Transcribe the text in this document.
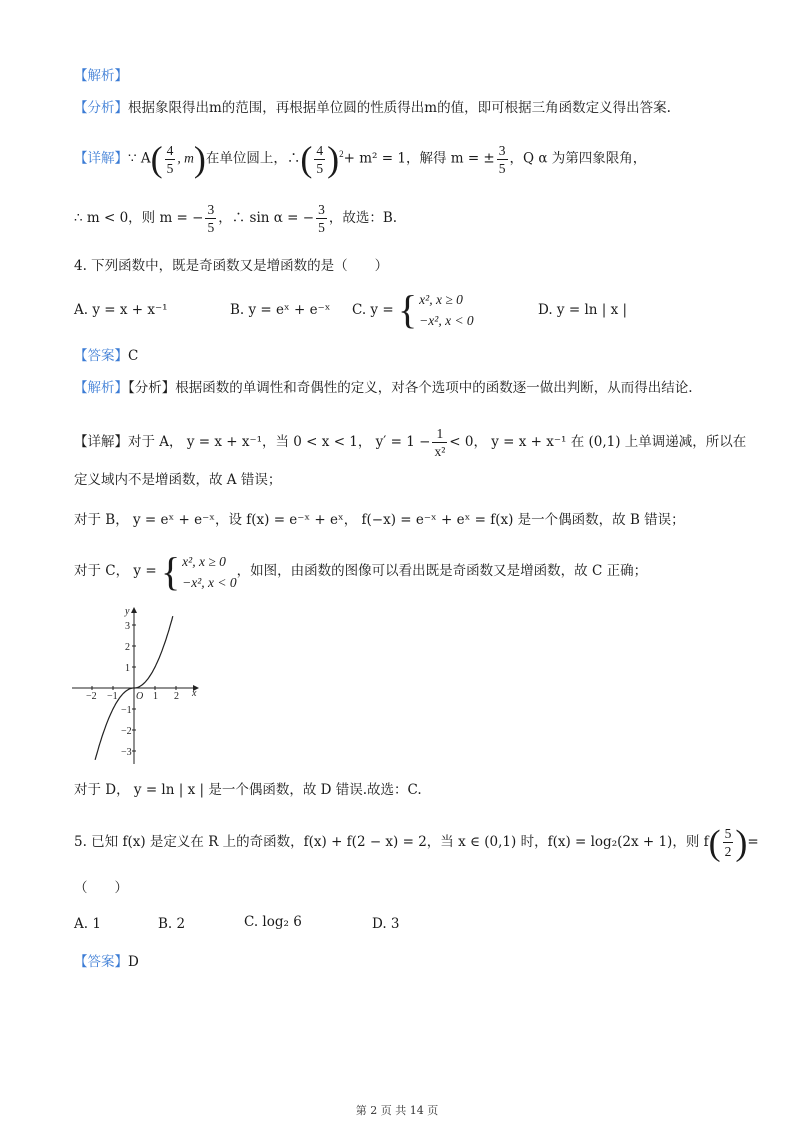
【解析】
【分析】根据象限得出m的范围，再根据单位圆的性质得出m的值，即可根据三角函数定义得出答案.
【详解】∵ $A( \frac{4}{5}$ , m)在单位圆上，∴( $\frac{4}{5} )^2+ m^2 = 1$，解得 m = ± $\frac{3}{5}$ ，Q α 为第四象限角，
∴ m < 0，则 m = − $\frac{3}{5}$ ，∴ sin α = − $\frac{3}{5}$ ，故选：B.
4. 下列函数中，既是奇函数又是增函数的是（　　）
A. y = x + x⁻¹	B. y = eˣ + e⁻ˣ C. y = { x², x ≥ 0
−x², x < 0
D. y = ln | x |
【答案】C
【解析】【分析】根据函数的单调性和奇偶性的定义，对各个选项中的函数逐一做出判断，从而得出结论.
【详解】对于 A， y = x + x⁻¹，当 0 < x < 1， $y' = 1 - \frac{1}{\text{x²}} < 0$， y = x + x⁻¹ 在 (0,1) 上单调递减，所以在
定义域内不是增函数，故 A 错误；
对于 B， y = eˣ + e⁻ˣ，设 f(x) = e⁻ˣ + eˣ， f(−x) = e⁻ˣ + eˣ = f(x) 是一个偶函数，故 B 错误；
对于 C， y = { x², x ≥ 0
−x², x < 0
，如图，由函数的图像可以看出既是奇函数又是增函数，故 C 正确；
−2 −1	1 2
O	x
y
3
2
1
−1
−2
−3
对于 D， y = ln | x | 是一个偶函数，故 D 错误.故选：C.
5. 已知 f(x) 是定义在 R 上的奇函数，f(x) + f(2 − x) = 2，当 x ∈ (0,1) 时，f(x) = log₂(2x + 1)，则 $f( \frac{5}{2}$ )=
（　　）
A. 1	B. 2	C. log₂ 6	D. 3
【答案】D
第 2 页 共 14 页
